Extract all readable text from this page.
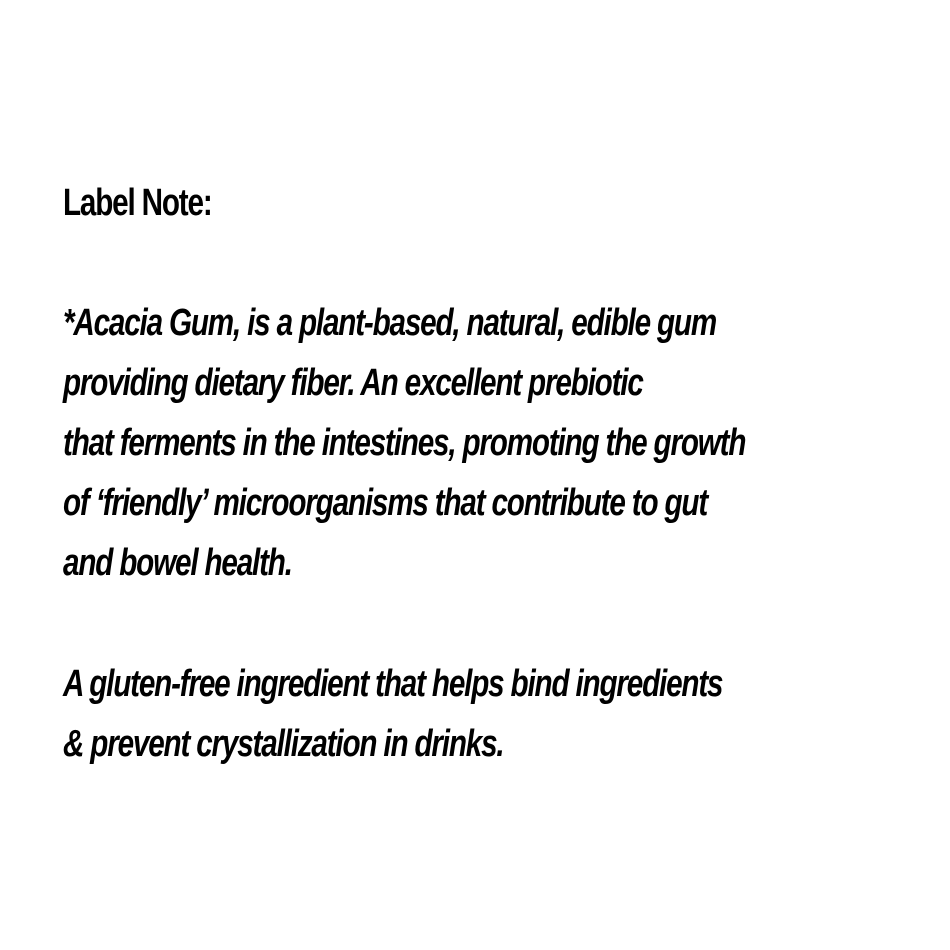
Label Note:

*Acacia Gum, is a plant-based, natural, edible gum
providing dietary fiber. An excellent prebiotic
that ferments in the intestines, promoting the growth
of ‘friendly’ microorganisms that contribute to gut
and bowel health.

A gluten-free ingredient that helps bind ingredients
& prevent crystallization in drinks.
